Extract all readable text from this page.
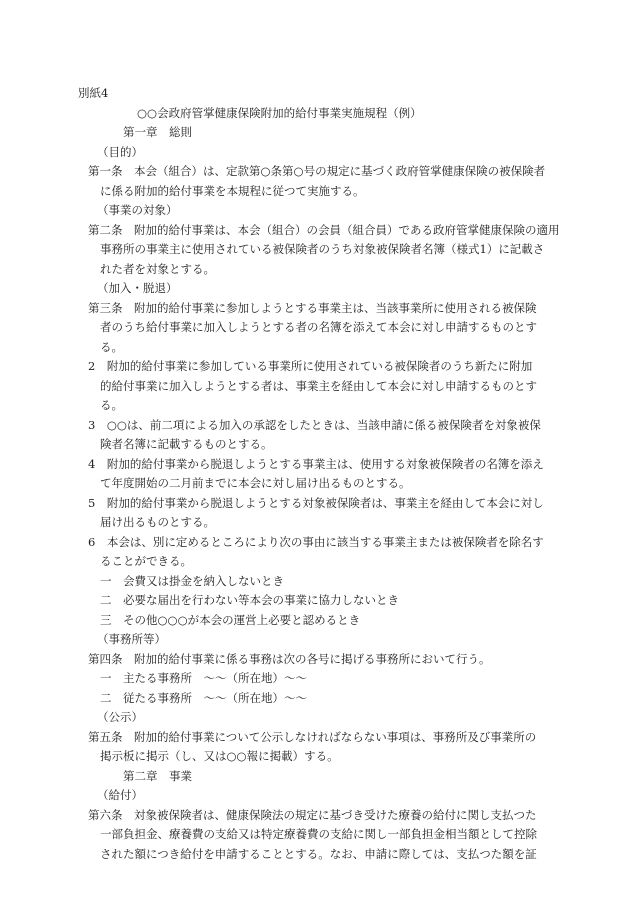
別紙4
○○会政府管掌健康保険附加的給付事業実施規程（例）
第一章　総則
（目的）
第一条　本会（組合）は、定款第○条第○号の規定に基づく政府管掌健康保険の被保険者
に係る附加的給付事業を本規程に従つて実施する。
（事業の対象）
第二条　附加的給付事業は、本会（組合）の会員（組合員）である政府管掌健康保険の適用
事務所の事業主に使用されている被保険者のうち対象被保険者名簿（様式1）に記載さ
れた者を対象とする。
（加入・脱退）
第三条　附加的給付事業に参加しようとする事業主は、当該事業所に使用される被保険
者のうち給付事業に加入しようとする者の名簿を添えて本会に対し申請するものとす
る。
2　附加的給付事業に参加している事業所に使用されている被保険者のうち新たに附加
的給付事業に加入しようとする者は、事業主を経由して本会に対し申請するものとす
る。
3　○○は、前二項による加入の承認をしたときは、当該申請に係る被保険者を対象被保
険者名簿に記載するものとする。
4　附加的給付事業から脱退しようとする事業主は、使用する対象被保険者の名簿を添え
て年度開始の二月前までに本会に対し届け出るものとする。
5　附加的給付事業から脱退しようとする対象被保険者は、事業主を経由して本会に対し
届け出るものとする。
6　本会は、別に定めるところにより次の事由に該当する事業主または被保険者を除名す
ることができる。
一　会費又は掛金を納入しないとき
二　必要な届出を行わない等本会の事業に協力しないとき
三　その他○○○が本会の運営上必要と認めるとき
（事務所等）
第四条　附加的給付事業に係る事務は次の各号に掲げる事務所において行う。
一　主たる事務所　～～（所在地）～～
二　従たる事務所　～～（所在地）～～
（公示）
第五条　附加的給付事業について公示しなければならない事項は、事務所及び事業所の
掲示板に掲示（し、又は○○報に掲載）する。
第二章　事業
（給付）
第六条　対象被保険者は、健康保険法の規定に基づき受けた療養の給付に関し支払つた
一部負担金、療養費の支給又は特定療養費の支給に関し一部負担金相当額として控除
された額につき給付を申請することとする。なお、申請に際しては、支払つた額を証
